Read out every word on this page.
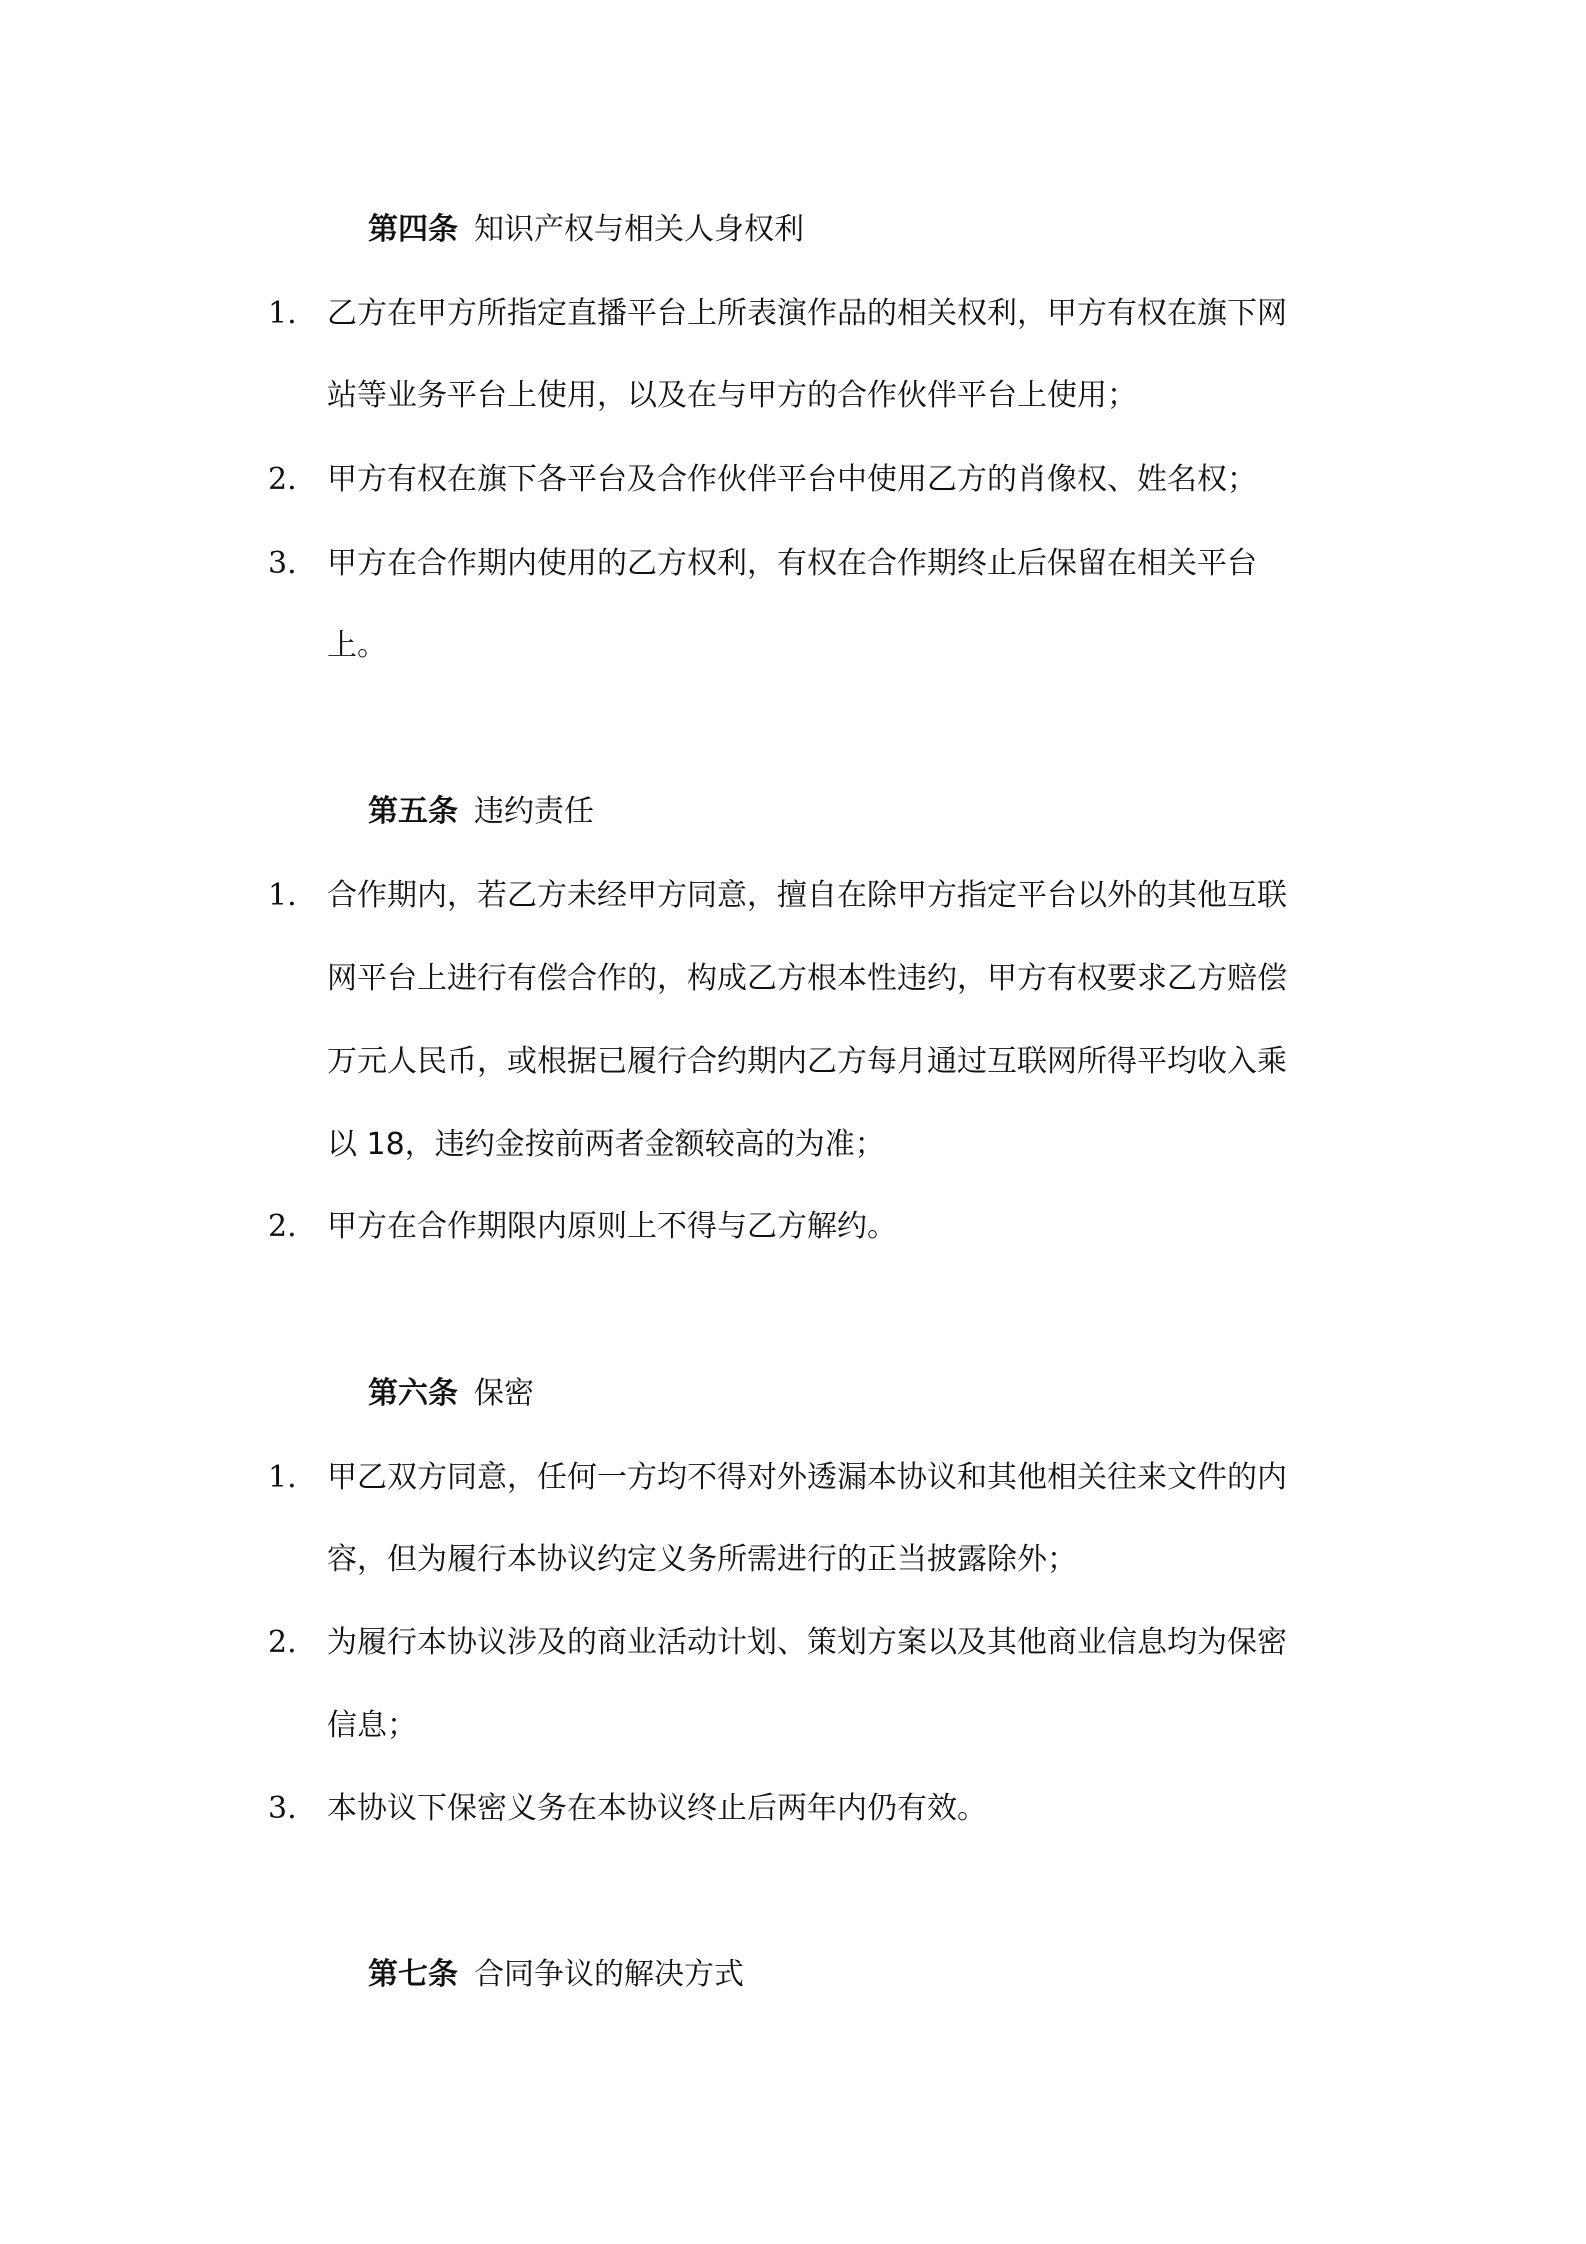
第四条 知识产权与相关人身权利
1.	乙方在甲方所指定直播平台上所表演作品的相关权利，甲方有权在旗下网
站等业务平台上使用，以及在与甲方的合作伙伴平台上使用；
2.	甲方有权在旗下各平台及合作伙伴平台中使用乙方的肖像权、姓名权；
3.	甲方在合作期内使用的乙方权利，有权在合作期终止后保留在相关平台
上。
第五条 违约责任
1.	合作期内，若乙方未经甲方同意，擅自在除甲方指定平台以外的其他互联
网平台上进行有偿合作的，构成乙方根本性违约，甲方有权要求乙方赔偿
万元人民币，或根据已履行合约期内乙方每月通过互联网所得平均收入乘
以 18，违约金按前两者金额较高的为准；
2.	甲方在合作期限内原则上不得与乙方解约。
第六条 保密
1.	甲乙双方同意，任何一方均不得对外透漏本协议和其他相关往来文件的内
容，但为履行本协议约定义务所需进行的正当披露除外；
2.	为履行本协议涉及的商业活动计划、策划方案以及其他商业信息均为保密
信息；
3.	本协议下保密义务在本协议终止后两年内仍有效。
第七条 合同争议的解决方式
